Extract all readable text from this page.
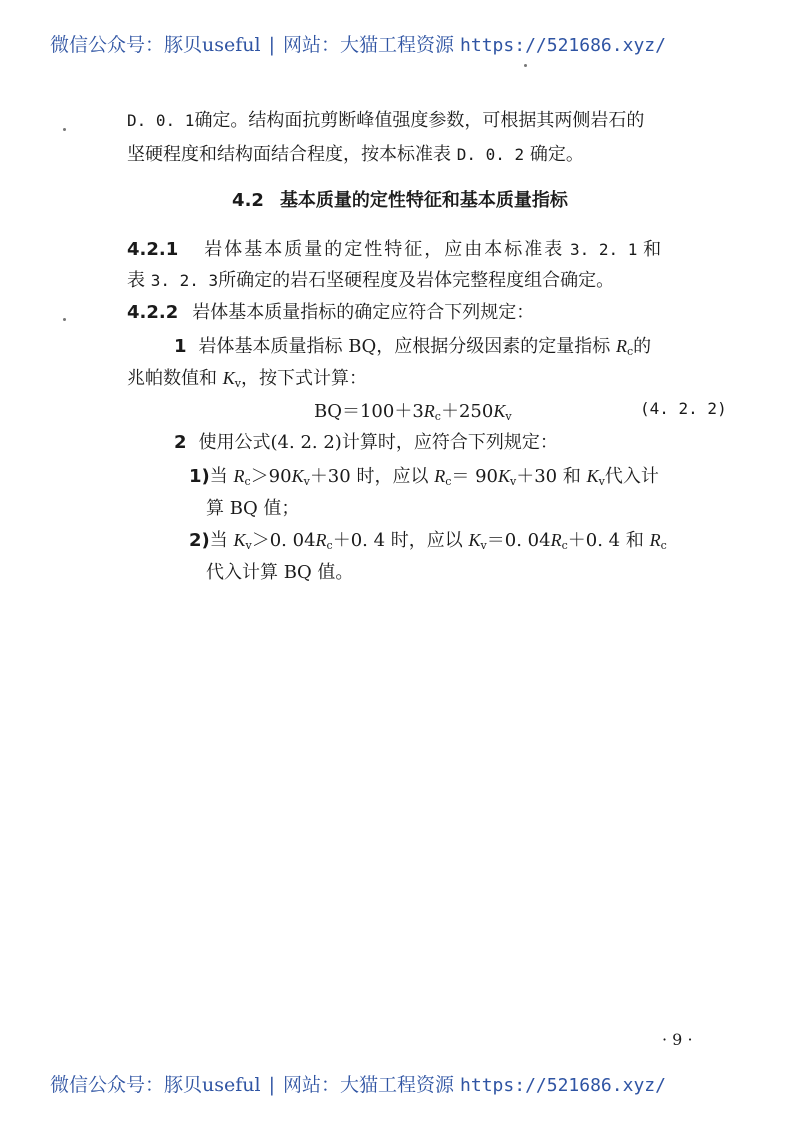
微信公众号：豚贝useful | 网站：大猫工程资源 https://521686.xyz/
D. 0. 1确定。结构面抗剪断峰值强度参数，可根据其两侧岩石的
坚硬程度和结构面结合程度，按本标准表 D. 0. 2 确定。
4.2 基本质量的定性特征和基本质量指标
4.2.1 岩体基本质量的定性特征，应由本标准表 3. 2. 1 和
表 3. 2. 3所确定的岩石坚硬程度及岩体完整程度组合确定。
4.2.2 岩体基本质量指标的确定应符合下列规定：
1 岩体基本质量指标 BQ，应根据分级因素的定量指标 $R_c$的
兆帕数值和 $K_v$，按下式计算：
$BQ=100+3R_c+250K_v$	(4. 2. 2)
2 使用公式(4. 2. 2)计算时，应符合下列规定：
1)当 $R_c>90K_v+30$ 时，应以 $R_c= 90K_v+30$ 和 $K_v$代入计
算 BQ 值；
2)当 $K_v>0$. $04R_c+0$. 4 时，应以 $K_v=0$. $04R_c+0$. 4 和 $R_c$
代入计算 BQ 值。
· 9 ·
微信公众号：豚贝useful | 网站：大猫工程资源 https://521686.xyz/
